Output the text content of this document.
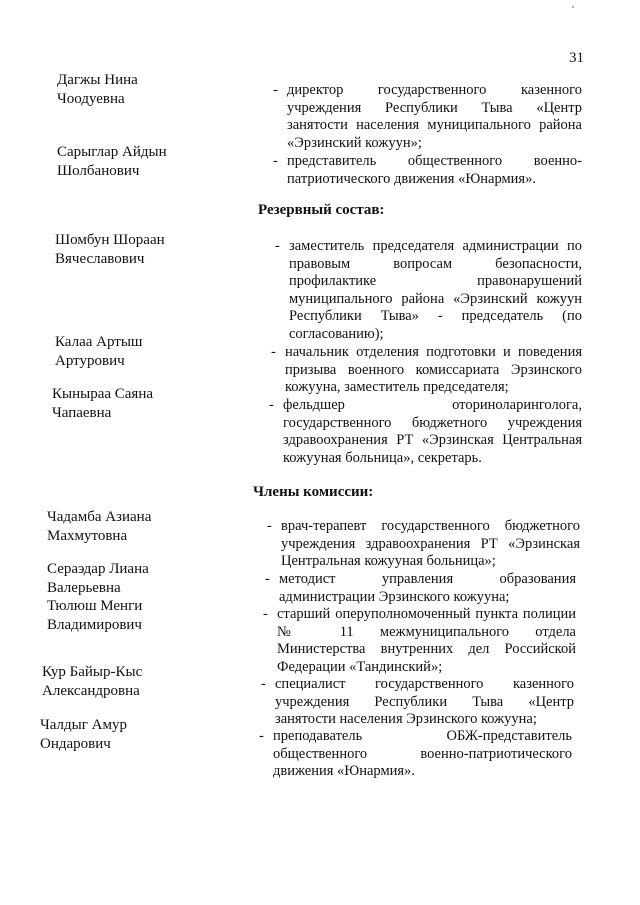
31
Дагжы Нина
Чоодуевна
Сарыглар Айдын
Шолбанович
- директор государственного казенного учреждения Республики Тыва «Центр занятости населения муниципального района «Эрзинский кожуун»;
- представитель общественного военно-патриотического движения «Юнармия».
Резервный состав:
Шомбун Шораан
Вячеславович
Калаа Артыш
Артурович
Кыныраа Саяна
Чапаевна
- заместитель председателя администрации по правовым вопросам безопасности, профилактике правонарушений муниципального района «Эрзинский кожуун Республики Тыва» - председатель (по согласованию);
- начальник отделения подготовки и поведения призыва военного комиссариата Эрзинского кожууна, заместитель председателя;
- фельдшер оториноларинголога, государственного бюджетного учреждения здравоохранения РТ «Эрзинская Центральная кожууная больница», секретарь.
Члены комиссии:
Чадамба Азиана
Махмутовна
Сераэдар Лиана
Валерьевна
Тюлюш Менги
Владимирович
Кур Байыр-Кыс
Александровна
Чалдыг Амур
Ондарович
- врач-терапевт государственного бюджетного учреждения здравоохранения РТ «Эрзинская Центральная кожууная больница»;
- методист управления образования администрации Эрзинского кожууна;
- старший оперуполномоченный пункта полиции № 11 межмуниципального отдела Министерства внутренних дел Российской Федерации «Тандинский»;
- специалист государственного казенного учреждения Республики Тыва «Центр занятости населения Эрзинского кожууна;
- преподаватель ОБЖ-представитель общественного военно-патриотического движения «Юнармия».
